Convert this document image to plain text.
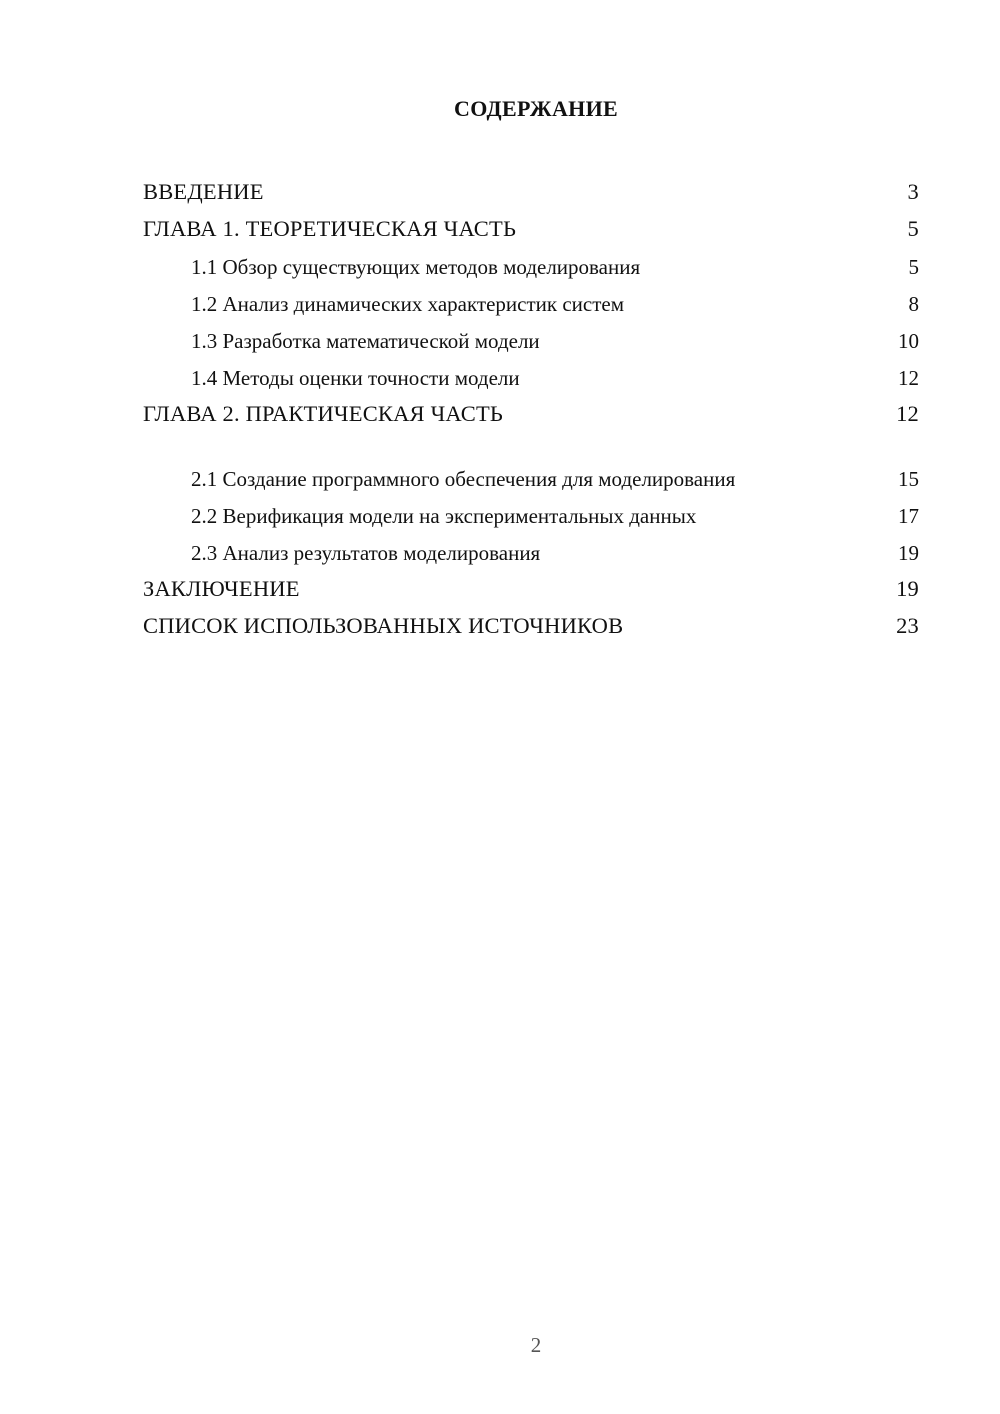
СОДЕРЖАНИЕ
ВВЕДЕНИЕ	3
ГЛАВА 1. ТЕОРЕТИЧЕСКАЯ ЧАСТЬ	5
1.1 Обзор существующих методов моделирования	5
1.2 Анализ динамических характеристик систем	8
1.3 Разработка математической модели	10
1.4 Методы оценки точности модели	12
ГЛАВА 2. ПРАКТИЧЕСКАЯ ЧАСТЬ	12
2.1 Создание программного обеспечения для моделирования	15
2.2 Верификация модели на экспериментальных данных	17
2.3 Анализ результатов моделирования	19
ЗАКЛЮЧЕНИЕ	19
СПИСОК ИСПОЛЬЗОВАННЫХ ИСТОЧНИКОВ	23
2
